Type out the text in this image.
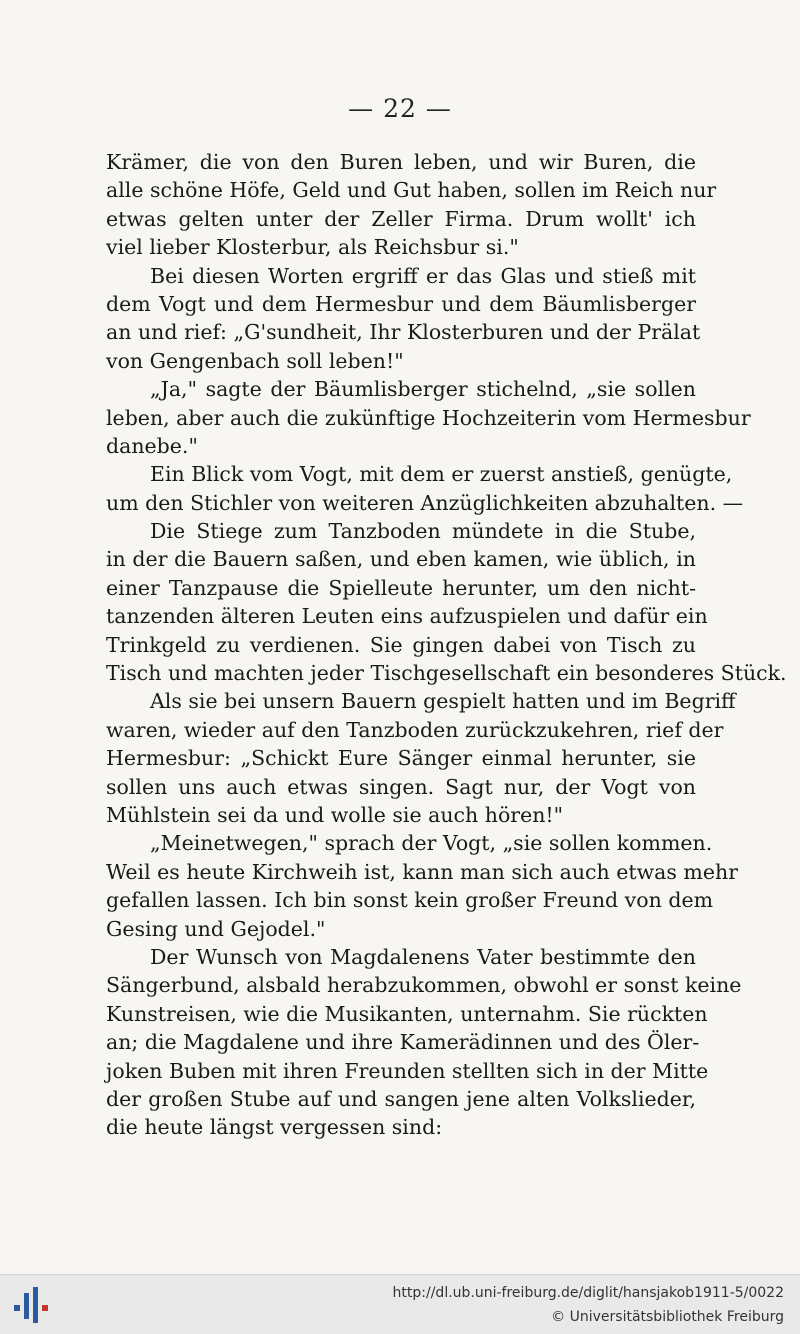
— 22 —
Krämer, die von den Buren leben, und wir Buren, die
alle schöne Höfe, Geld und Gut haben, sollen im Reich nur
etwas gelten unter der Zeller Firma. Drum wollt' ich
viel lieber Klosterbur, als Reichsbur si."
Bei diesen Worten ergriff er das Glas und stieß mit
dem Vogt und dem Hermesbur und dem Bäumlisberger
an und rief: „G'sundheit, Ihr Klosterburen und der Prälat
von Gengenbach soll leben!"
„Ja," sagte der Bäumlisberger stichelnd, „sie sollen
leben, aber auch die zukünftige Hochzeiterin vom Hermesbur
danebe."
Ein Blick vom Vogt, mit dem er zuerst anstieß, genügte,
um den Stichler von weiteren Anzüglichkeiten abzuhalten. —
Die Stiege zum Tanzboden mündete in die Stube,
in der die Bauern saßen, und eben kamen, wie üblich, in
einer Tanzpause die Spielleute herunter, um den nicht-
tanzenden älteren Leuten eins aufzuspielen und dafür ein
Trinkgeld zu verdienen. Sie gingen dabei von Tisch zu
Tisch und machten jeder Tischgesellschaft ein besonderes Stück.
Als sie bei unsern Bauern gespielt hatten und im Begriff
waren, wieder auf den Tanzboden zurückzukehren, rief der
Hermesbur: „Schickt Eure Sänger einmal herunter, sie
sollen uns auch etwas singen. Sagt nur, der Vogt von
Mühlstein sei da und wolle sie auch hören!"
„Meinetwegen," sprach der Vogt, „sie sollen kommen.
Weil es heute Kirchweih ist, kann man sich auch etwas mehr
gefallen lassen. Ich bin sonst kein großer Freund von dem
Gesing und Gejodel."
Der Wunsch von Magdalenens Vater bestimmte den
Sängerbund, alsbald herabzukommen, obwohl er sonst keine
Kunstreisen, wie die Musikanten, unternahm. Sie rückten
an; die Magdalene und ihre Kamerädinnen und des Öler-
joken Buben mit ihren Freunden stellten sich in der Mitte
der großen Stube auf und sangen jene alten Volkslieder,
die heute längst vergessen sind:
http://dl.ub.uni-freiburg.de/diglit/hansjakob1911-5/0022
© Universitätsbibliothek Freiburg
